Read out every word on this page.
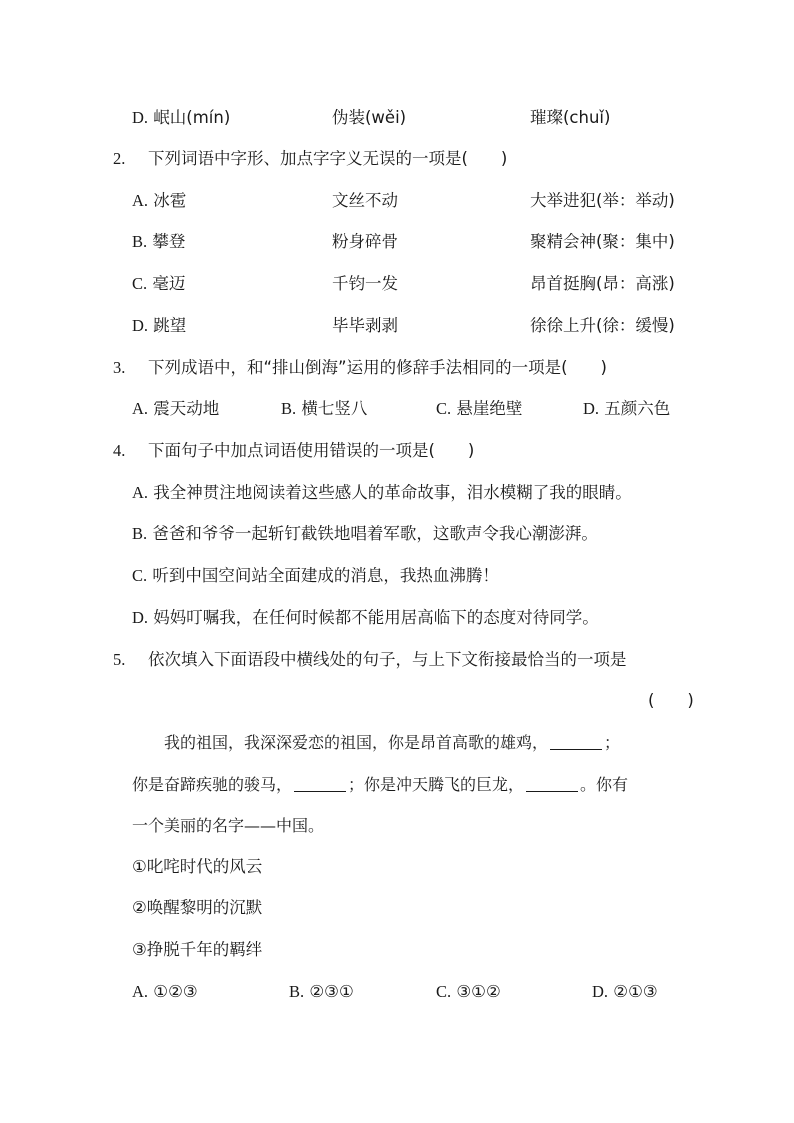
D. 岷山(mín)	伪装(wěi)	璀璨(chuǐ)
2. 下列词语中字形、加点字字义无误的一项是(　　)
A. 冰雹	文丝不动	大举进犯(举：举动)
B. 攀登	粉身碎骨	聚精会神(聚：集中)
C. 毫迈	千钧一发	昂首挺胸(昂：高涨)
D. 跳望	毕毕剥剥	徐徐上升(徐：缓慢)
3. 下列成语中，和“排山倒海”运用的修辞手法相同的一项是(　　)
A. 震天动地	B. 横七竖八	C. 悬崖绝壁	D. 五颜六色
4. 下面句子中加点词语使用错误的一项是(　　)
A. 我全神贯注地阅读着这些感人的革命故事，泪水模糊了我的眼睛。
B. 爸爸和爷爷一起斩钉截铁地唱着军歌，这歌声令我心潮澎湃。
C. 听到中国空间站全面建成的消息，我热血沸腾！
D. 妈妈叮嘱我，在任何时候都不能用居高临下的态度对待同学。
5. 依次填入下面语段中横线处的句子，与上下文衔接最恰当的一项是
(　　)
我的祖国，我深深爱恋的祖国，你是昂首高歌的雄鸡，	；
你是奋蹄疾驰的骏马，	；你是冲天腾飞的巨龙，	。你有
一个美丽的名字——中国。
①叱咤时代的风云
②唤醒黎明的沉默
③挣脱千年的羁绊
A. ①②③	B. ②③①	C. ③①②	D. ②①③
